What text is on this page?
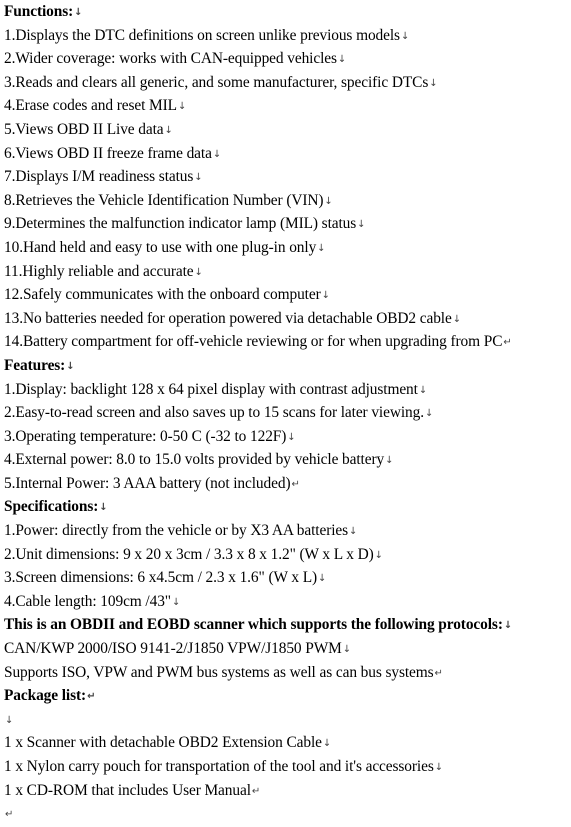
Functions:↓
1.Displays the DTC definitions on screen unlike previous models↓
2.Wider coverage: works with CAN-equipped vehicles↓
3.Reads and clears all generic, and some manufacturer, specific DTCs↓
4.Erase codes and reset MIL↓
5.Views OBD II Live data↓
6.Views OBD II freeze frame data↓
7.Displays I/M readiness status↓
8.Retrieves the Vehicle Identification Number (VIN)↓
9.Determines the malfunction indicator lamp (MIL) status↓
10.Hand held and easy to use with one plug-in only↓
11.Highly reliable and accurate↓
12.Safely communicates with the onboard computer↓
13.No batteries needed for operation powered via detachable OBD2 cable↓
14.Battery compartment for off-vehicle reviewing or for when upgrading from PC↵
Features:↓
1.Display: backlight 128 x 64 pixel display with contrast adjustment↓
2.Easy-to-read screen and also saves up to 15 scans for later viewing.↓
3.Operating temperature: 0-50 C (-32 to 122F)↓
4.External power: 8.0 to 15.0 volts provided by vehicle battery↓
5.Internal Power: 3 AAA battery (not included)↵
Specifications:↓
1.Power: directly from the vehicle or by X3 AA batteries↓
2.Unit dimensions: 9 x 20 x 3cm / 3.3 x 8 x 1.2" (W x L x D)↓
3.Screen dimensions: 6 x4.5cm / 2.3 x 1.6" (W x L)↓
4.Cable length: 109cm /43"↓
This is an OBDII and EOBD scanner which supports the following protocols:↓
CAN/KWP 2000/ISO 9141-2/J1850 VPW/J1850 PWM↓
Supports ISO, VPW and PWM bus systems as well as can bus systems↵
Package list:↵
↓
1 x Scanner with detachable OBD2 Extension Cable↓
1 x Nylon carry pouch for transportation of the tool and it's accessories↓
1 x CD-ROM that includes User Manual↵
↵
